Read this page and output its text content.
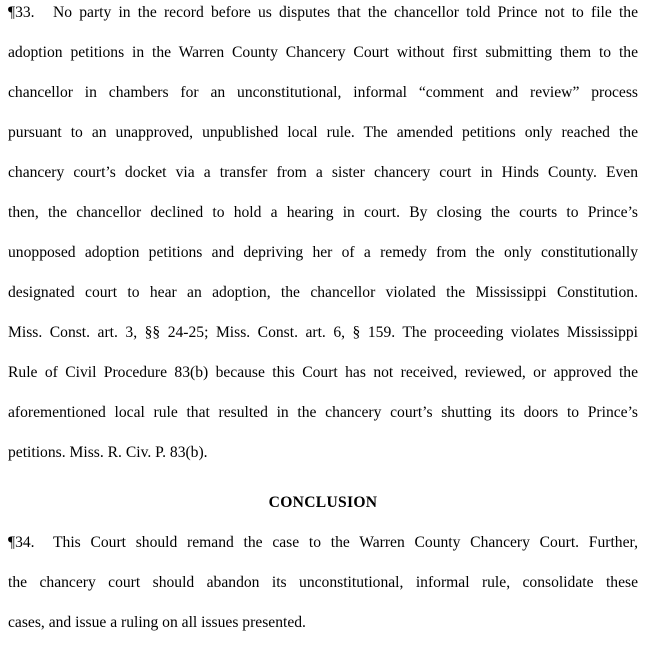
¶33. No party in the record before us disputes that the chancellor told Prince not to file the
adoption petitions in the Warren County Chancery Court without first submitting them to the
chancellor in chambers for an unconstitutional, informal “comment and review” process
pursuant to an unapproved, unpublished local rule. The amended petitions only reached the
chancery court’s docket via a transfer from a sister chancery court in Hinds County. Even
then, the chancellor declined to hold a hearing in court. By closing the courts to Prince’s
unopposed adoption petitions and depriving her of a remedy from the only constitutionally
designated court to hear an adoption, the chancellor violated the Mississippi Constitution.
Miss. Const. art. 3, §§ 24-25; Miss. Const. art. 6, § 159. The proceeding violates Mississippi
Rule of Civil Procedure 83(b) because this Court has not received, reviewed, or approved the
aforementioned local rule that resulted in the chancery court’s shutting its doors to Prince’s
petitions. Miss. R. Civ. P. 83(b).
CONCLUSION
¶34. This Court should remand the case to the Warren County Chancery Court. Further,
the chancery court should abandon its unconstitutional, informal rule, consolidate these
cases, and issue a ruling on all issues presented.
